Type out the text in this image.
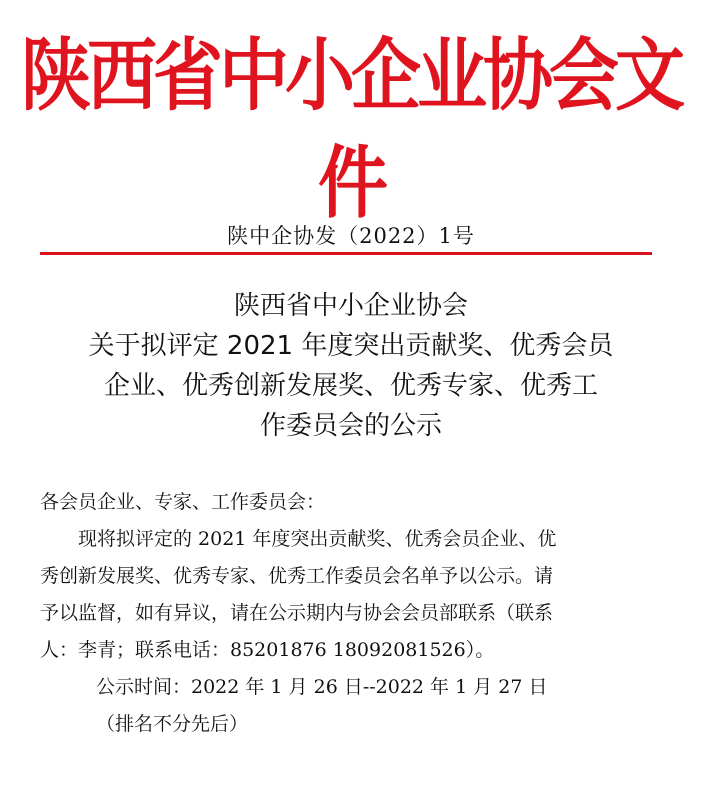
陕西省中小企业协会文件
陕中企协发（2022）1号
陕西省中小企业协会
关于拟评定 2021 年度突出贡献奖、优秀会员
企业、优秀创新发展奖、优秀专家、优秀工
作委员会的公示
各会员企业、专家、工作委员会：
现将拟评定的 2021 年度突出贡献奖、优秀会员企业、优
秀创新发展奖、优秀专家、优秀工作委员会名单予以公示。请
予以监督，如有异议，请在公示期内与协会会员部联系（联系
人：李青；联系电话：85201876 18092081526）。
公示时间：2022 年 1 月 26 日--2022 年 1 月 27 日
（排名不分先后）
